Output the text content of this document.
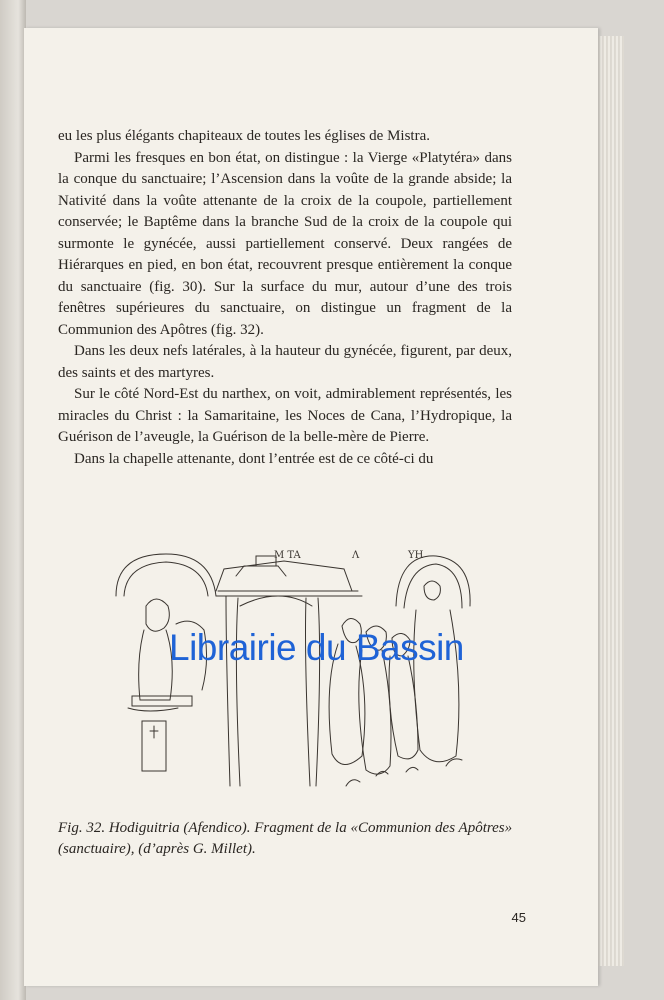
eu les plus élégants chapiteaux de toutes les églises de Mistra.

Parmi les fresques en bon état, on distingue : la Vierge «Platytéra» dans la conque du sanctuaire; l’Ascension dans la voûte de la grande abside; la Nativité dans la voûte attenante de la croix de la coupole, partiellement conservée; le Baptême dans la branche Sud de la croix de la coupole qui surmonte le gynécée, aussi partiellement conservé. Deux rangées de Hiérarques en pied, en bon état, recouvrent presque entièrement la conque du sanctuaire (fig. 30). Sur la surface du mur, autour d’une des trois fenêtres supérieures du sanctuaire, on distingue un fragment de la Communion des Apôtres (fig. 32).

Dans les deux nefs latérales, à la hauteur du gynécée, figurent, par deux, des saints et des martyres.

Sur le côté Nord-Est du narthex, on voit, admirablement représentés, les miracles du Christ : la Samaritaine, les Noces de Cana, l’Hydropique, la Guérison de l’aveugle, la Guérison de la belle-mère de Pierre.

Dans la chapelle attenante, dont l’entrée est de ce côté-ci du

M TA	Λ	ΥΗ
Librairie du Bassin
Fig. 32. Hodiguitria (Afendico). Fragment de la «Communion des Apôtres» (sanctuaire), (d’après G. Millet).
45
